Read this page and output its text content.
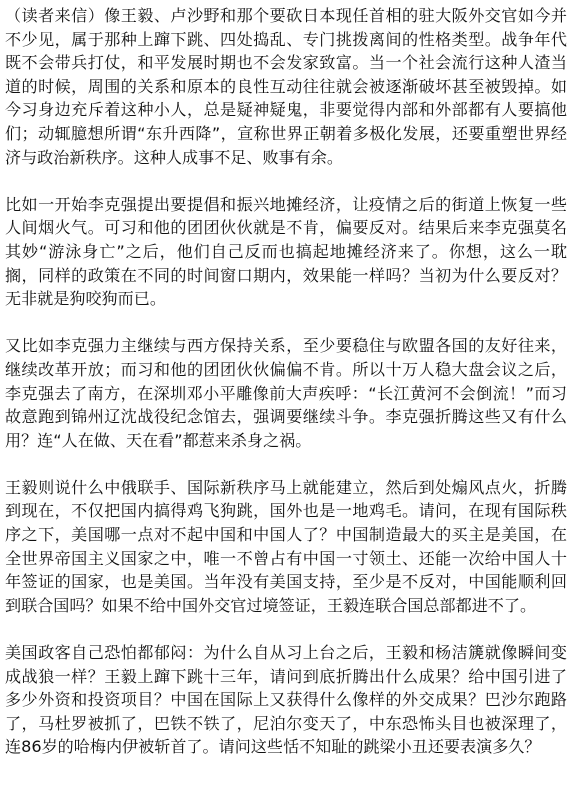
（读者来信）像王毅、卢沙野和那个要砍日本现任首相的驻大阪外交官如今并不少见，属于那种上蹿下跳、四处捣乱、专门挑拨离间的性格类型。战争年代既不会带兵打仗，和平发展时期也不会发家致富。当一个社会流行这种人渣当道的时候，周围的关系和原本的良性互动往往就会被逐渐破坏甚至被毁掉。如今习身边充斥着这种小人，总是疑神疑鬼，非要觉得内部和外部都有人要搞他们；动辄臆想所谓“东升西降”，宣称世界正朝着多极化发展，还要重塑世界经济与政治新秩序。这种人成事不足、败事有余。

比如一开始李克强提出要提倡和振兴地摊经济，让疫情之后的街道上恢复一些人间烟火气。可习和他的团团伙伙就是不肯，偏要反对。结果后来李克强莫名其妙“游泳身亡”之后，他们自己反而也搞起地摊经济来了。你想，这么一耽搁，同样的政策在不同的时间窗口期内，效果能一样吗？当初为什么要反对？无非就是狗咬狗而已。

又比如李克强力主继续与西方保持关系，至少要稳住与欧盟各国的友好往来，继续改革开放；而习和他的团团伙伙偏偏不肯。所以十万人稳大盘会议之后，李克强去了南方，在深圳邓小平雕像前大声疾呼：“长江黄河不会倒流！”而习故意跑到锦州辽沈战役纪念馆去，强调要继续斗争。李克强折腾这些又有什么用？连“人在做、天在看”都惹来杀身之祸。

王毅则说什么中俄联手、国际新秩序马上就能建立，然后到处煽风点火，折腾到现在，不仅把国内搞得鸡飞狗跳，国外也是一地鸡毛。请问，在现有国际秩序之下，美国哪一点对不起中国和中国人了？中国制造最大的买主是美国，在全世界帝国主义国家之中，唯一不曾占有中国一寸领土、还能一次给中国人十年签证的国家，也是美国。当年没有美国支持，至少是不反对，中国能顺利回到联合国吗？如果不给中国外交官过境签证，王毅连联合国总部都进不了。

美国政客自己恐怕都郁闷：为什么自从习上台之后，王毅和杨洁篪就像瞬间变成战狼一样？王毅上蹿下跳十三年，请问到底折腾出什么成果？给中国引进了多少外资和投资项目？中国在国际上又获得什么像样的外交成果？巴沙尔跑路了，马杜罗被抓了，巴铁不铁了，尼泊尔变天了，中东恐怖头目也被深理了，连86岁的哈梅内伊被斩首了。请问这些恬不知耻的跳梁小丑还要表演多久？
